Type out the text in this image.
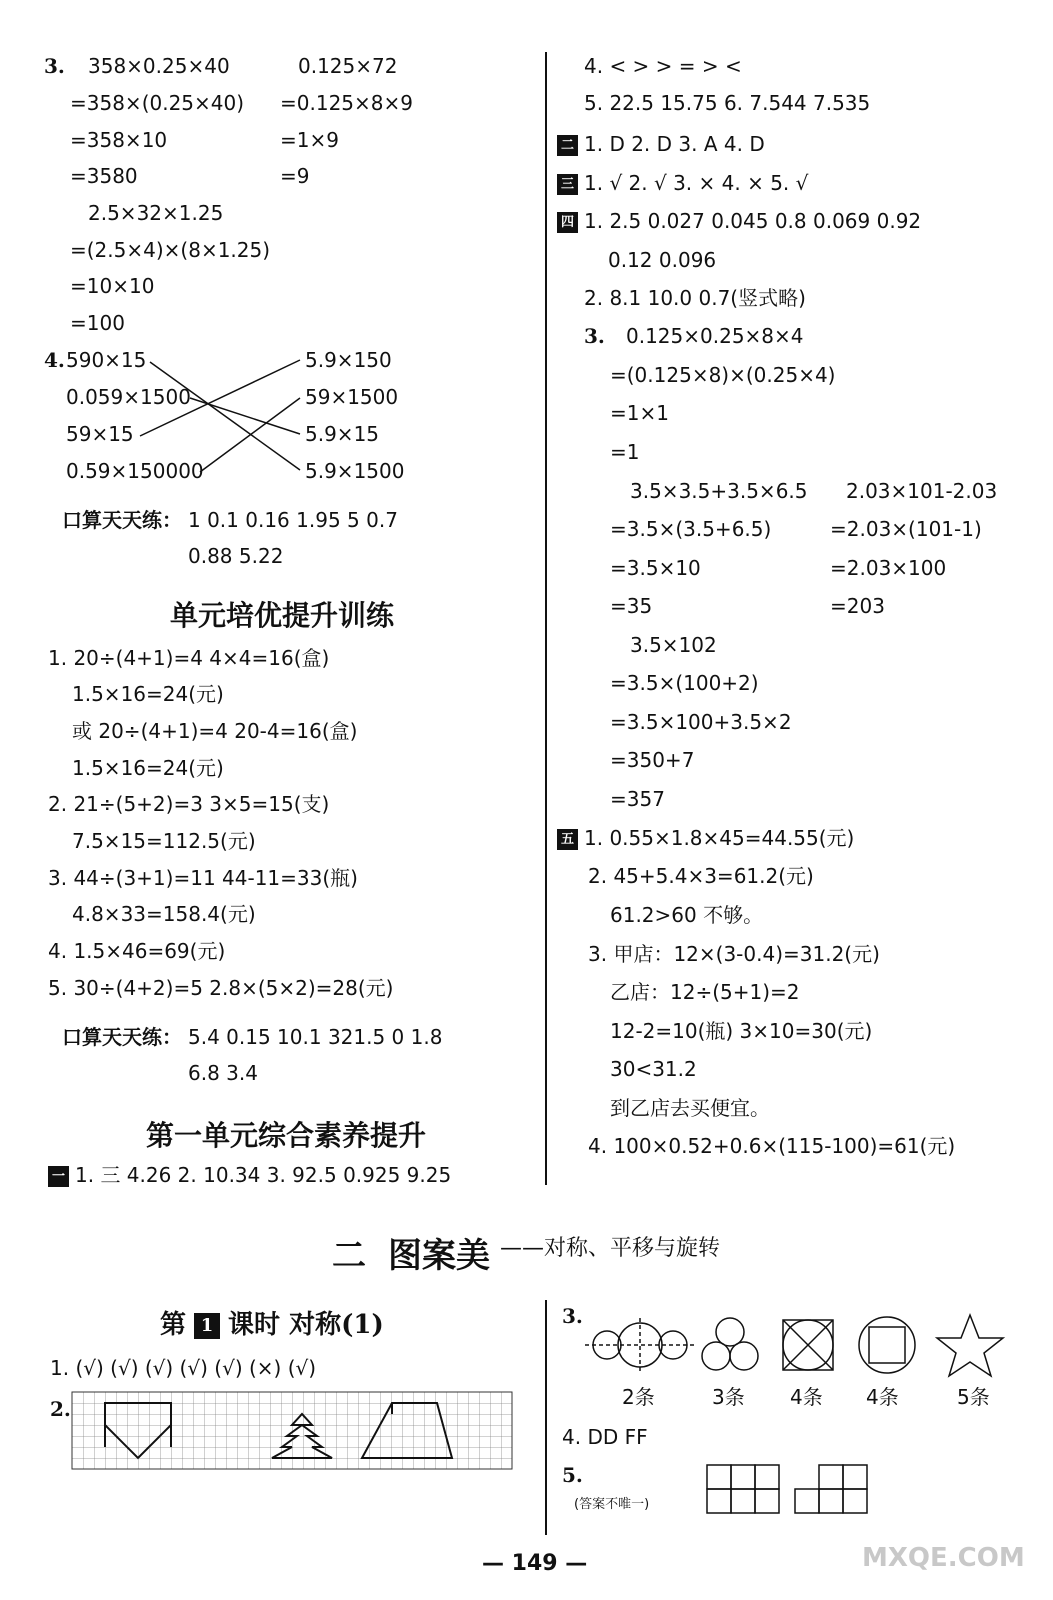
3. 358×0.25×40
=358×(0.25×40)
=358×10
=3580
0.125×72
=0.125×8×9
=1×9
=9
2.5×32×1.25
=(2.5×4)×(8×1.25)
=10×10
=100
4. 590×15
0.059×1500
59×15
0.59×150000
5.9×150
59×1500
5.9×15
5.9×1500
口算天天练： 1 0.1 0.16 1.95 5 0.7
0.88 5.22
单元培优提升训练
1. 20÷(4+1)=4 4×4=16(盒)
1.5×16=24(元)
或 20÷(4+1)=4 20-4=16(盒)
1.5×16=24(元)
2. 21÷(5+2)=3 3×5=15(支)
7.5×15=112.5(元)
3. 44÷(3+1)=11 44-11=33(瓶)
4.8×33=158.4(元)
4. 1.5×46=69(元)
5. 30÷(4+2)=5 2.8×(5×2)=28(元)
口算天天练： 5.4 0.15 10.1 321.5 0 1.8
6.8 3.4
第一单元综合素养提升
一 1. 三 4.26 2. 10.34 3. 92.5 0.925 9.25
4. < > > = > <
5. 22.5 15.75 6. 7.544 7.535
二 1. D 2. D 3. A 4. D
三 1. √ 2. √ 3. × 4. × 5. √
四 1. 2.5 0.027 0.045 0.8 0.069 0.92
0.12 0.096
2. 8.1 10.0 0.7(竖式略)
3. 0.125×0.25×8×4
=(0.125×8)×(0.25×4)
=1×1
=1
3.5×3.5+3.5×6.5
=3.5×(3.5+6.5)
=3.5×10
=35
2.03×101-2.03
=2.03×(101-1)
=2.03×100
=203
3.5×102
=3.5×(100+2)
=3.5×100+3.5×2
=350+7
=357
五 1. 0.55×1.8×45=44.55(元)
2. 45+5.4×3=61.2(元)
61.2>60 不够。
3. 甲店：12×(3-0.4)=31.2(元)
乙店：12÷(5+1)=2
12-2=10(瓶) 3×10=30(元)
30<31.2
到乙店去买便宜。
4. 100×0.52+0.6×(115-100)=61(元)
二 图案美 ——对称、平移与旋转
第 1 课时 对称(1)
1. (√) (√) (√) (√) (√) (×) (√)
2.
3.
2条	3条 4条 4条	5条
4. DD FF
5.
(答案不唯一)
— 149 —	MXQE.COM
